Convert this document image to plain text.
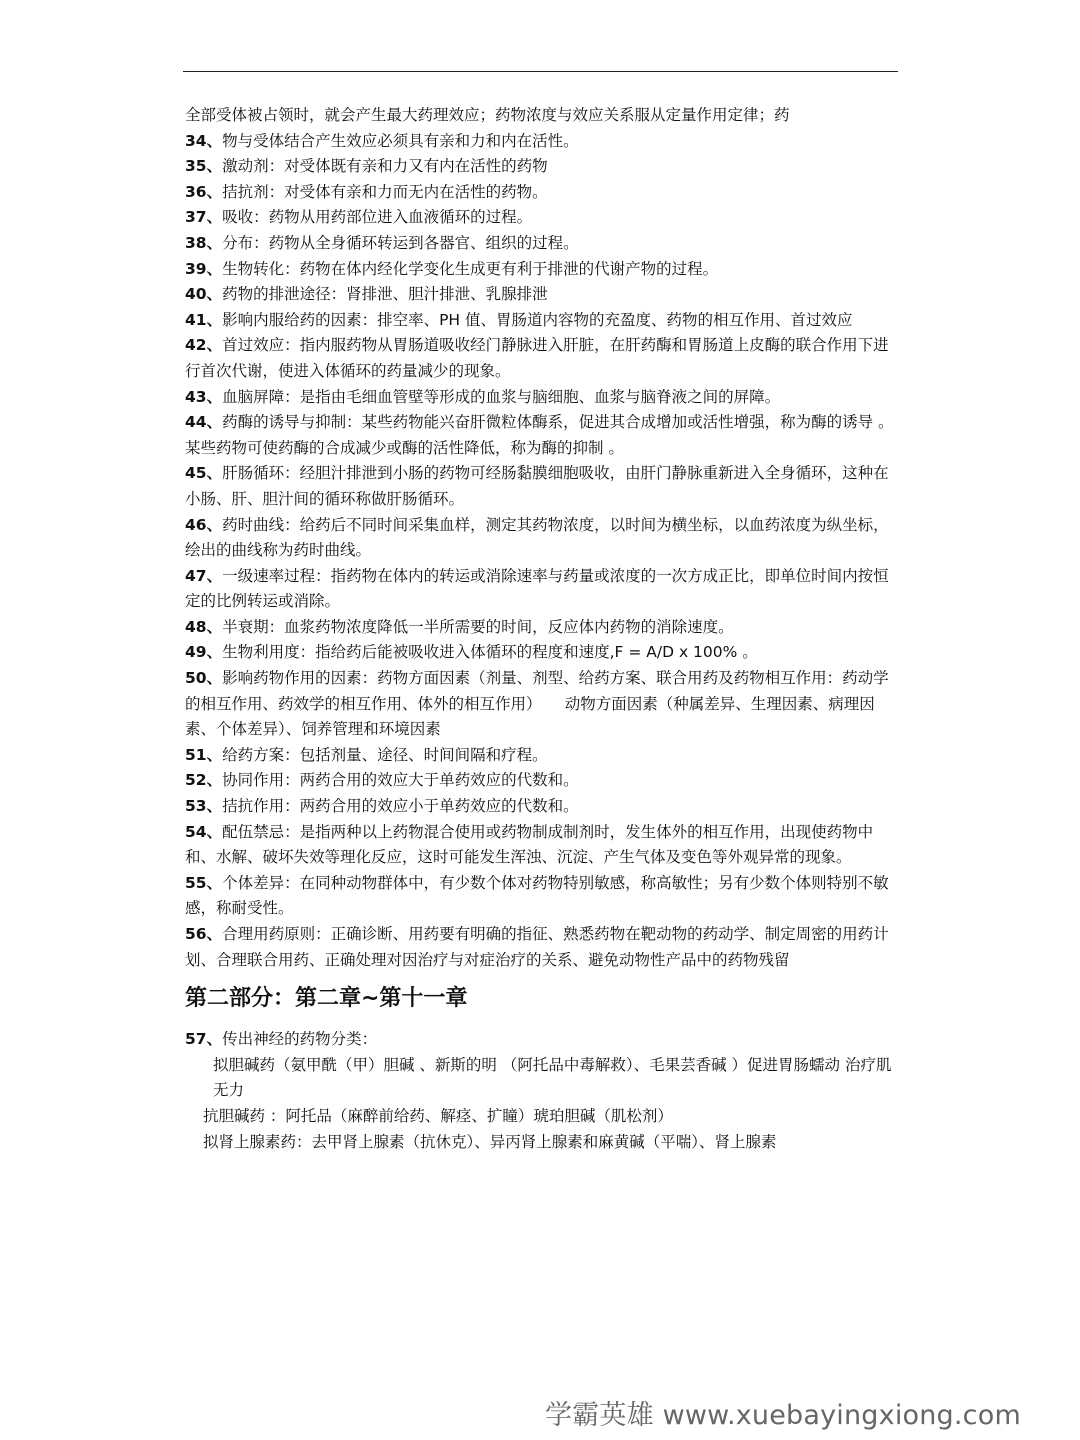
全部受体被占领时，就会产生最大药理效应；药物浓度与效应关系服从定量作用定律；药

34、物与受体结合产生效应必须具有亲和力和内在活性。

35、激动剂：对受体既有亲和力又有内在活性的药物

36、拮抗剂：对受体有亲和力而无内在活性的药物。

37、吸收：药物从用药部位进入血液循环的过程。

38、分布：药物从全身循环转运到各器官、组织的过程。

39、生物转化：药物在体内经化学变化生成更有利于排泄的代谢产物的过程。

40、药物的排泄途径：肾排泄、胆汁排泄、乳腺排泄

41、影响内服给药的因素：排空率、PH 值、胃肠道内容物的充盈度、药物的相互作用、首过效应

42、首过效应：指内服药物从胃肠道吸收经门静脉进入肝脏，在肝药酶和胃肠道上皮酶的联合作用下进行首次代谢，使进入体循环的药量减少的现象。

43、血脑屏障：是指由毛细血管壁等形成的血浆与脑细胞、血浆与脑脊液之间的屏障。

44、药酶的诱导与抑制：某些药物能兴奋肝微粒体酶系，促进其合成增加或活性增强，称为酶的诱导 。某些药物可使药酶的合成减少或酶的活性降低，称为酶的抑制 。

45、肝肠循环：经胆汁排泄到小肠的药物可经肠黏膜细胞吸收，由肝门静脉重新进入全身循环，这种在小肠、肝、胆汁间的循环称做肝肠循环。

46、药时曲线：给药后不同时间采集血样，测定其药物浓度，以时间为横坐标，以血药浓度为纵坐标，绘出的曲线称为药时曲线。

47、一级速率过程：指药物在体内的转运或消除速率与药量或浓度的一次方成正比，即单位时间内按恒定的比例转运或消除。

48、半衰期：血浆药物浓度降低一半所需要的时间，反应体内药物的消除速度。

49、生物利用度：指给药后能被吸收进入体循环的程度和速度,F = A/D x 100% 。

50、影响药物作用的因素：药物方面因素（剂量、剂型、给药方案、联合用药及药物相互作用：药动学的相互作用、药效学的相互作用、体外的相互作用）　　动物方面因素（种属差异、生理因素、病理因素、个体差异）、饲养管理和环境因素

51、给药方案：包括剂量、途径、时间间隔和疗程。

52、协同作用：两药合用的效应大于单药效应的代数和。

53、拮抗作用：两药合用的效应小于单药效应的代数和。

54、配伍禁忌：是指两种以上药物混合使用或药物制成制剂时，发生体外的相互作用，出现使药物中和、水解、破坏失效等理化反应，这时可能发生浑浊、沉淀、产生气体及变色等外观异常的现象。

55、个体差异：在同种动物群体中，有少数个体对药物特别敏感，称高敏性；另有少数个体则特别不敏感，称耐受性。

56、合理用药原则：正确诊断、用药要有明确的指征、熟悉药物在靶动物的药动学、制定周密的用药计划、合理联合用药、正确处理对因治疗与对症治疗的关系、避免动物性产品中的药物残留

第二部分：第二章~第十一章

57、传出神经的药物分类：

拟胆碱药（氨甲酰（甲）胆碱 、新斯的明 （阿托品中毒解救）、毛果芸香碱 ）促进胃肠蠕动 治疗肌无力

抗胆碱药 ：阿托品（麻醉前给药、解痉、扩瞳）琥珀胆碱（肌松剂）

拟肾上腺素药：去甲肾上腺素（抗休克）、异丙肾上腺素和麻黄碱（平喘）、肾上腺素

学霸英雄 www.xuebayingxiong.com
